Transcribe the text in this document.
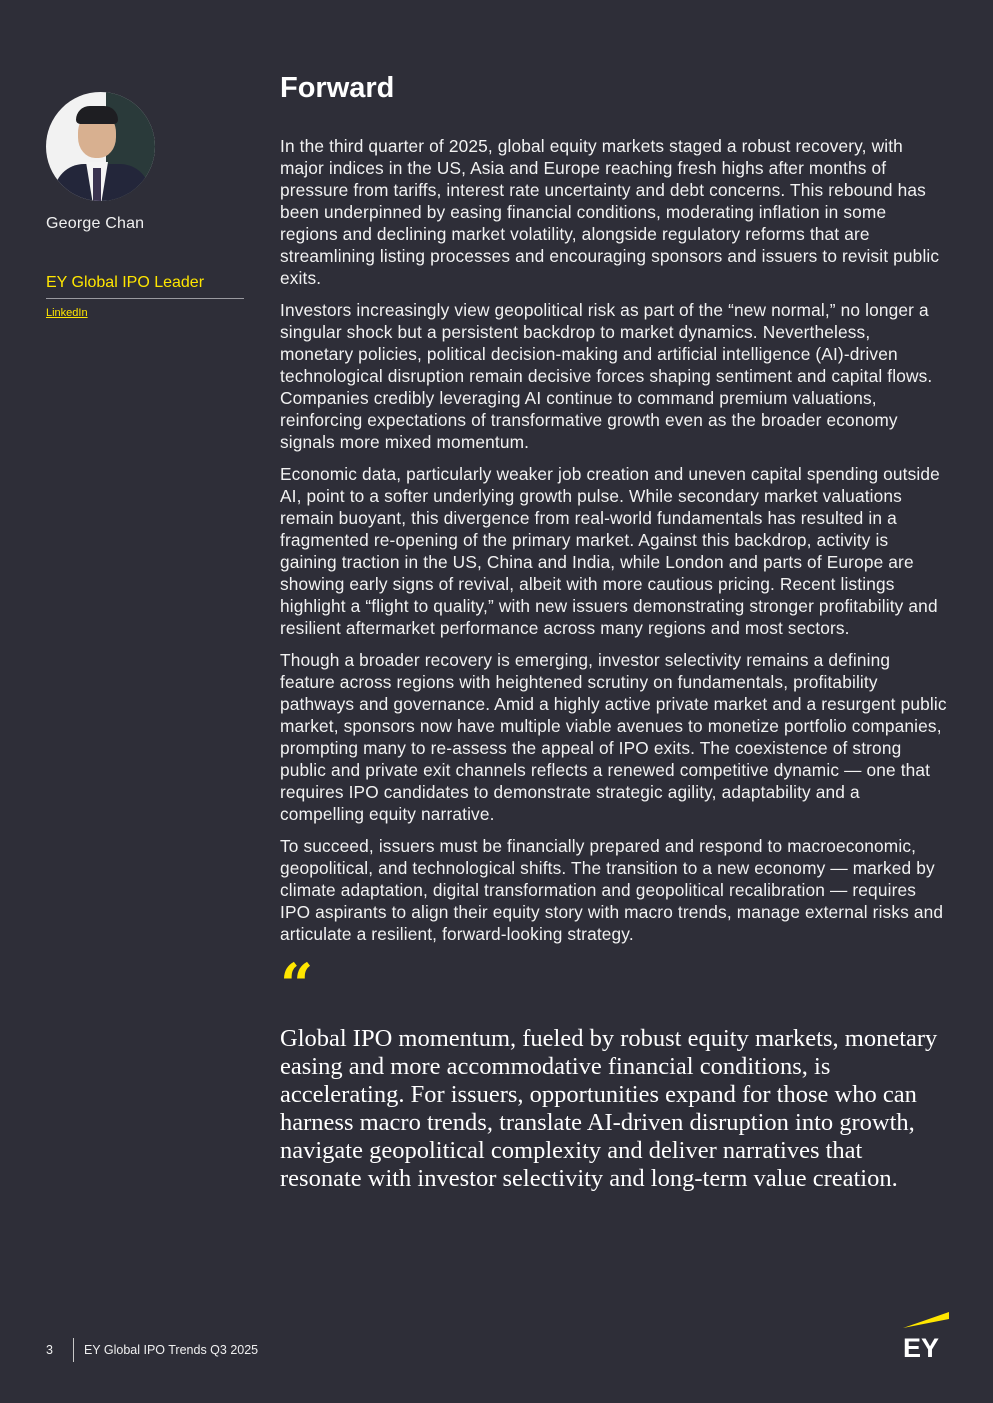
George Chan
EY Global IPO Leader
LinkedIn
Forward

In the third quarter of 2025, global equity markets staged a robust recovery, with major indices in the US, Asia and Europe reaching fresh highs after months of pressure from tariffs, interest rate uncertainty and debt concerns. This rebound has been underpinned by easing financial conditions, moderating inflation in some regions and declining market volatility, alongside regulatory reforms that are streamlining listing processes and encouraging sponsors and issuers to revisit public exits.

Investors increasingly view geopolitical risk as part of the “new normal,” no longer a singular shock but a persistent backdrop to market dynamics. Nevertheless, monetary policies, political decision-making and artificial intelligence (AI)-driven technological disruption remain decisive forces shaping sentiment and capital flows. Companies credibly leveraging AI continue to command premium valuations, reinforcing expectations of transformative growth even as the broader economy signals more mixed momentum.

Economic data, particularly weaker job creation and uneven capital spending outside AI, point to a softer underlying growth pulse. While secondary market valuations remain buoyant, this divergence from real-world fundamentals has resulted in a fragmented re-opening of the primary market. Against this backdrop, activity is gaining traction in the US, China and India, while London and parts of Europe are showing early signs of revival, albeit with more cautious pricing. Recent listings highlight a “flight to quality,” with new issuers demonstrating stronger profitability and resilient aftermarket performance across many regions and most sectors.

Though a broader recovery is emerging, investor selectivity remains a defining feature across regions with heightened scrutiny on fundamentals, profitability pathways and governance. Amid a highly active private market and a resurgent public market, sponsors now have multiple viable avenues to monetize portfolio companies, prompting many to re-assess the appeal of IPO exits. The coexistence of strong public and private exit channels reflects a renewed competitive dynamic — one that requires IPO candidates to demonstrate strategic agility, adaptability and a compelling equity narrative.

To succeed, issuers must be financially prepared and respond to macroeconomic, geopolitical, and technological shifts. The transition to a new economy — marked by climate adaptation, digital transformation and geopolitical recalibration — requires IPO aspirants to align their equity story with macro trends, manage external risks and articulate a resilient, forward-looking strategy.

“
Global IPO momentum, fueled by robust equity markets, monetary easing and more accommodative financial conditions, is accelerating. For issuers, opportunities expand for those who can harness macro trends, translate AI-driven disruption into growth, navigate geopolitical complexity and deliver narratives that resonate with investor selectivity and long-term value creation.
3 EY Global IPO Trends Q3 2025	EY
